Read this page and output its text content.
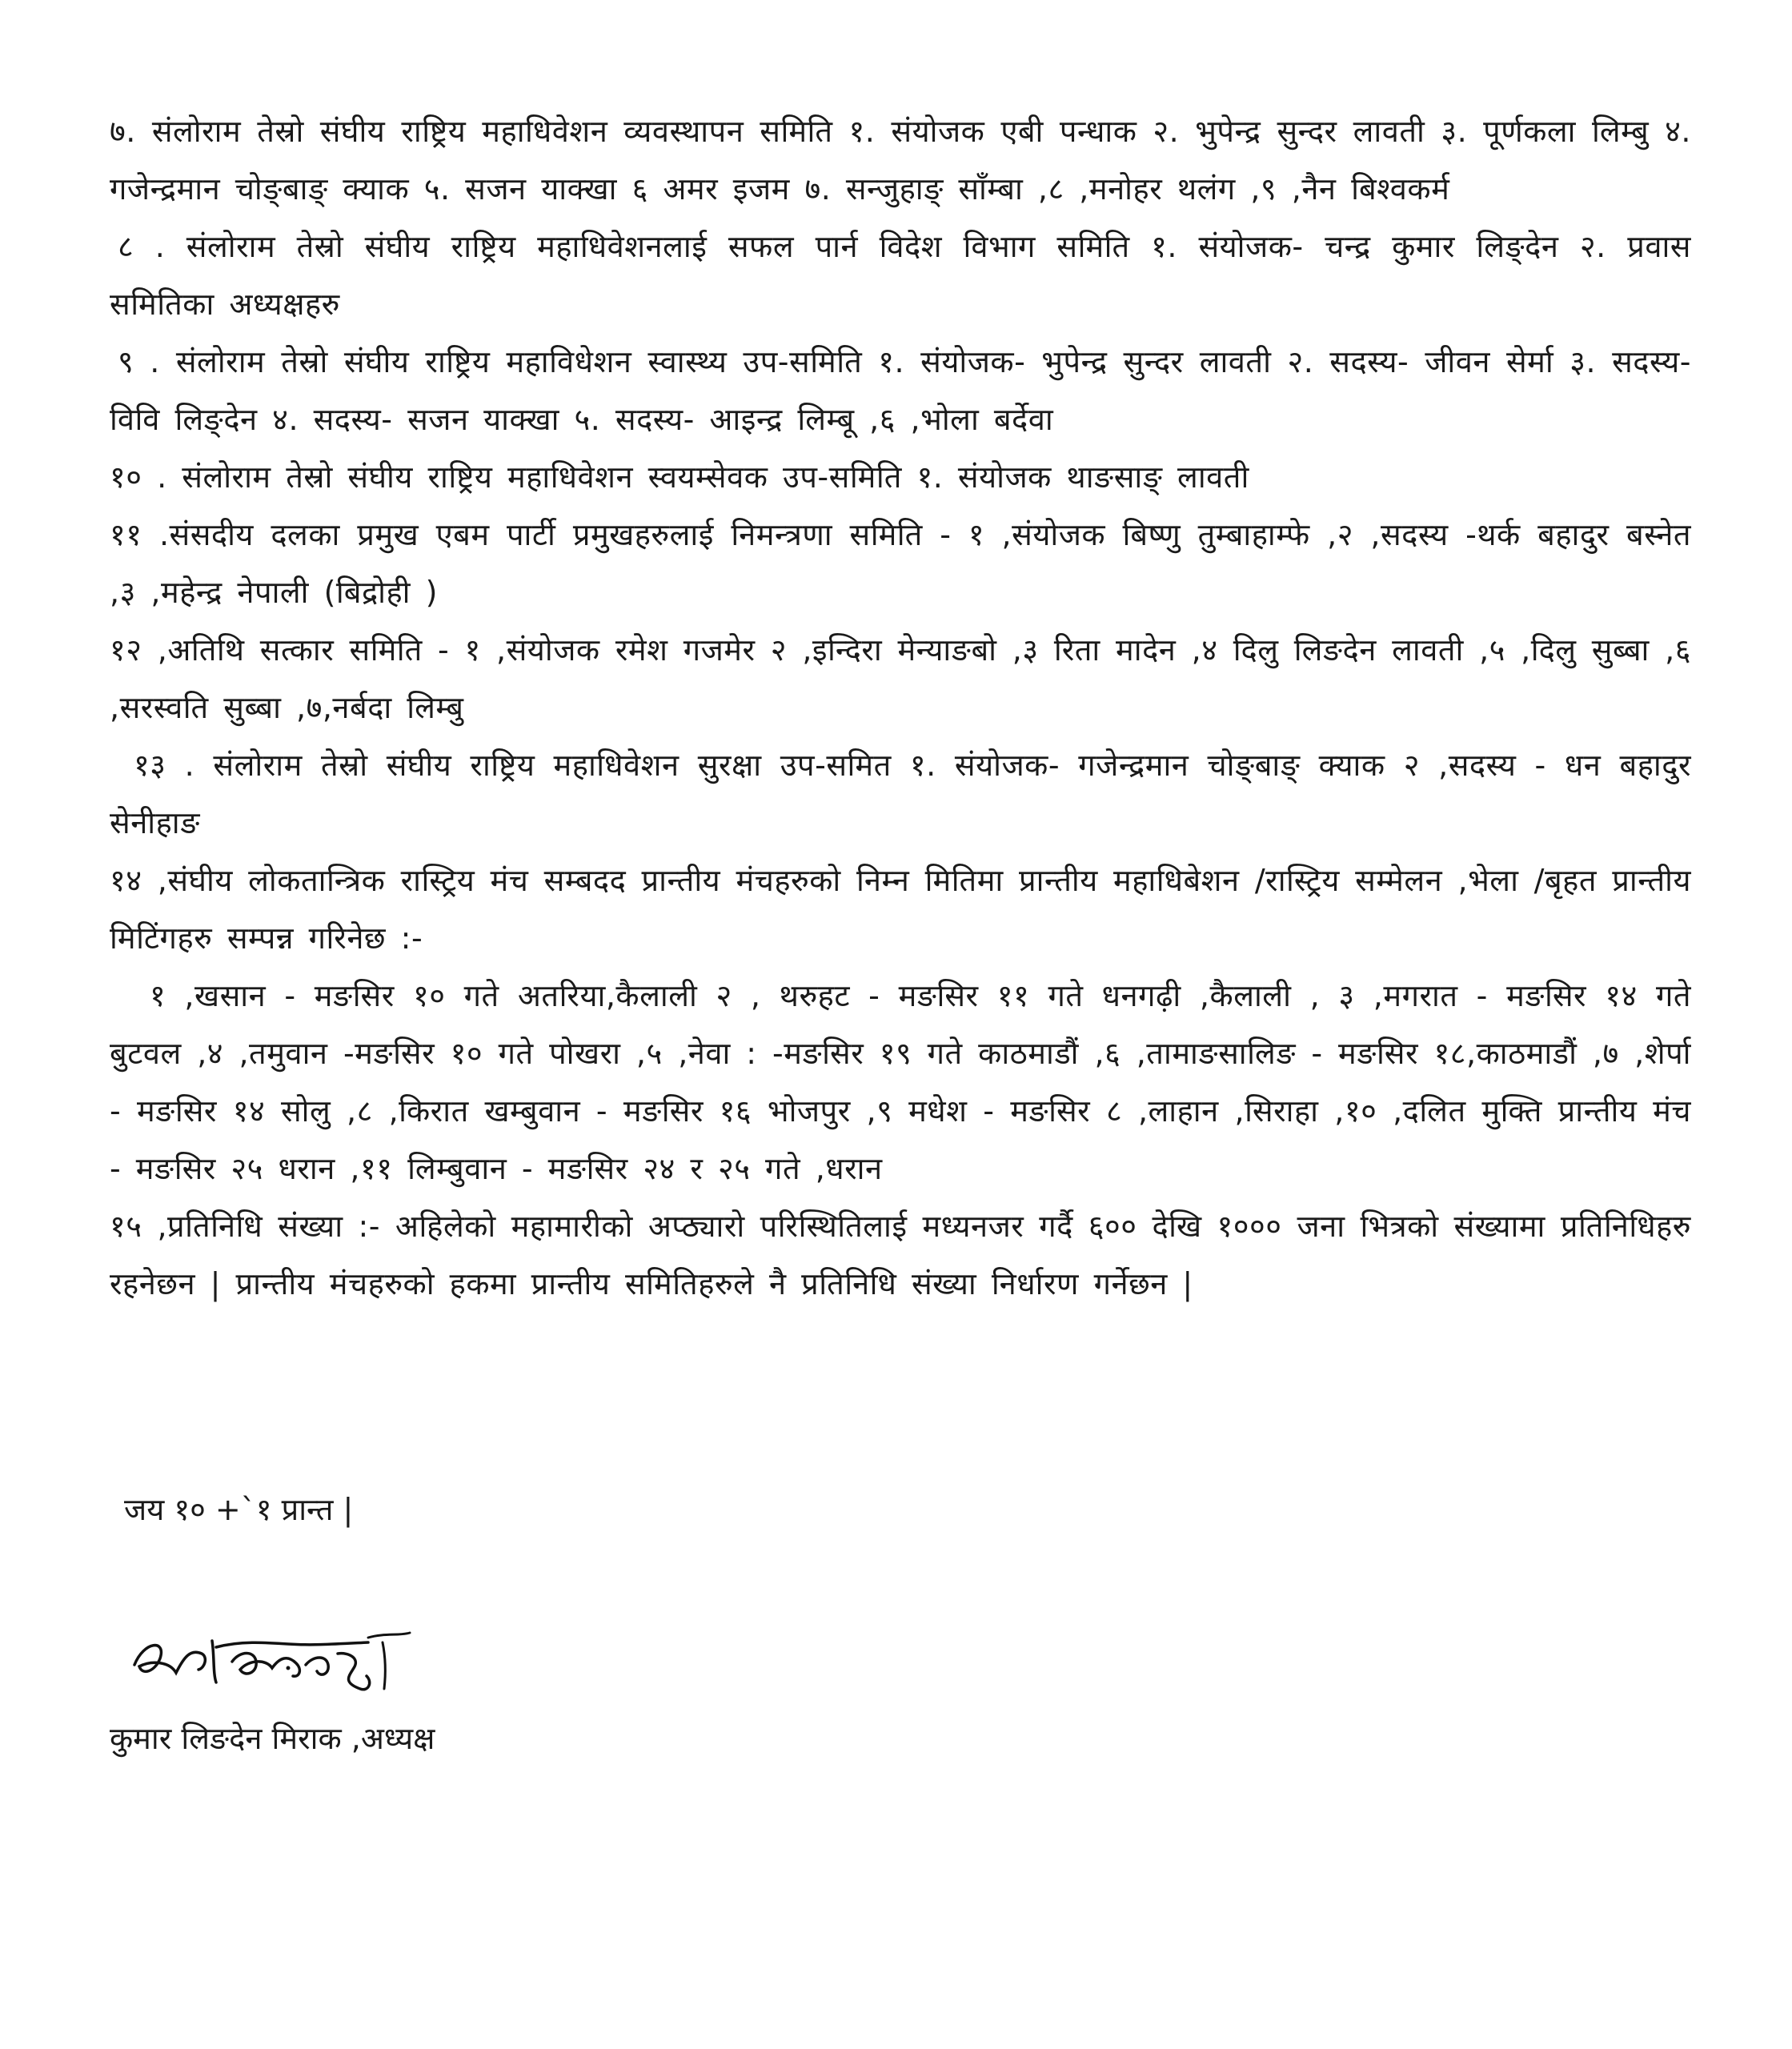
७. संलोराम तेस्रो संघीय राष्ट्रिय महाधिवेशन व्यवस्थापन समिति १. संयोजक एबी पन्धाक २. भुपेन्द्र सुन्दर लावती ३. पूर्णकला लिम्बु ४. गजेन्द्रमान चोङ्बाङ् क्याक ५. सजन याक्खा ६ अमर इजम ७. सन्जुहाङ् साँम्बा ,८ ,मनोहर थलंग ,९ ,नैन बिश्वकर्म

८ . संलोराम तेस्रो संघीय राष्ट्रिय महाधिवेशनलाई सफल पार्न विदेश विभाग समिति १. संयोजक- चन्द्र कुमार लिङ्देन २. प्रवास समितिका अध्यक्षहरु

९ . संलोराम तेस्रो संघीय राष्ट्रिय महाविधेशन स्वास्थ्य उप-समिति १. संयोजक- भुपेन्द्र सुन्दर लावती २. सदस्य- जीवन सेर्मा ३. सदस्य- विवि लिङ्देन ४. सदस्य- सजन याक्खा ५. सदस्य- आइन्द्र लिम्बू ,६ ,भोला बर्देवा

१० . संलोराम तेस्रो संघीय राष्ट्रिय महाधिवेशन स्वयम्सेवक उप-समिति १. संयोजक थाङसाङ् लावती

११ .संसदीय दलका प्रमुख एबम पार्टी प्रमुखहरुलाई निमन्त्रणा समिति - १ ,संयोजक बिष्णु तुम्बाहाम्फे ,२ ,सदस्य -थर्क बहादुर बस्नेत ,३ ,महेन्द्र नेपाली (बिद्रोही )

१२ ,अतिथि सत्कार समिति - १ ,संयोजक रमेश गजमेर २ ,इन्दिरा मेन्याङबो ,३ रिता मादेन ,४ दिलु लिङदेन लावती ,५ ,दिलु सुब्बा ,६ ,सरस्वति सुब्बा ,७,नर्बदा लिम्बु

१३ . संलोराम तेस्रो संघीय राष्ट्रिय महाधिवेशन सुरक्षा उप-समित १. संयोजक- गजेन्द्रमान चोङ्बाङ् क्याक २ ,सदस्य - धन बहादुर सेनीहाङ

१४ ,संघीय लोकतान्त्रिक रास्ट्रिय मंच सम्बदद प्रान्तीय मंचहरुको निम्न मितिमा प्रान्तीय महाधिबेशन /रास्ट्रिय सम्मेलन ,भेला /बृहत प्रान्तीय मिटिंगहरु सम्पन्न गरिनेछ :-

१ ,खसान - मङसिर १० गते अतरिया,कैलाली २ , थरुहट - मङसिर ११ गते धनगढ़ी ,कैलाली , ३ ,मगरात - मङसिर १४ गते बुटवल ,४ ,तमुवान -मङसिर १० गते पोखरा ,५ ,नेवा : -मङसिर १९ गते काठमाडौं ,६ ,तामाङसालिङ - मङसिर १८,काठमाडौं ,७ ,शेर्पा - मङसिर १४ सोलु ,८ ,किरात खम्बुवान - मङसिर १६ भोजपुर ,९ मधेश - मङसिर ८ ,लाहान ,सिराहा ,१० ,दलित मुक्ति प्रान्तीय मंच - मङसिर २५ धरान ,११ लिम्बुवान - मङसिर २४ र २५ गते ,धरान

१५ ,प्रतिनिधि संख्या :- अहिलेको महामारीको अप्ठ्यारो परिस्थितिलाई मध्यनजर गर्दै ६०० देखि १००० जना भित्रको संख्यामा प्रतिनिधिहरु रहनेछन | प्रान्तीय मंचहरुको हकमा प्रान्तीय समितिहरुले नै प्रतिनिधि संख्या निर्धारण गर्नेछन |

जय १० +`१ प्रान्त |
कुमार लिङदेन मिराक ,अध्यक्ष
